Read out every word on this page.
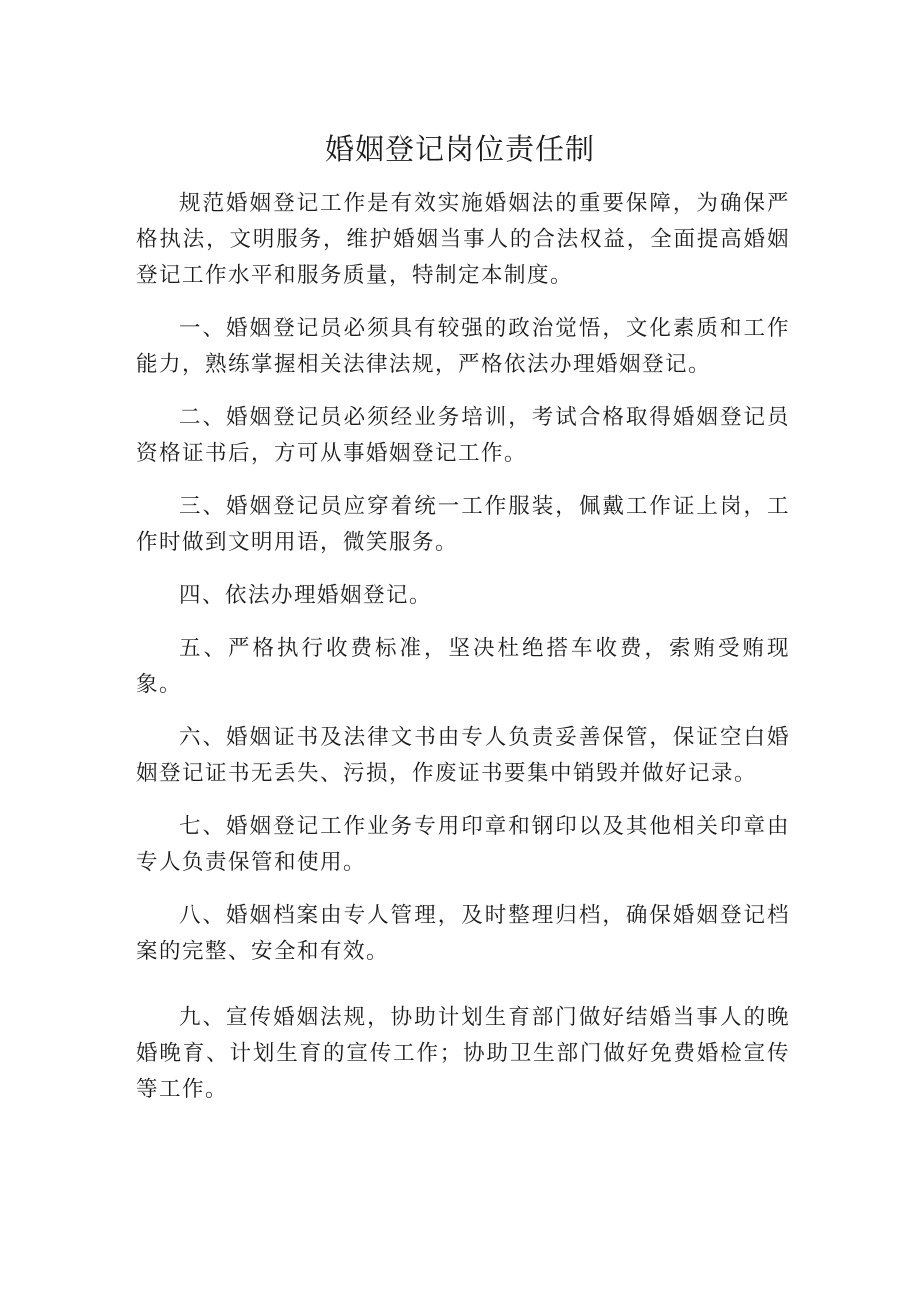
婚姻登记岗位责任制

规范婚姻登记工作是有效实施婚姻法的重要保障，为确保严格执法，文明服务，维护婚姻当事人的合法权益，全面提高婚姻登记工作水平和服务质量，特制定本制度。

一、婚姻登记员必须具有较强的政治觉悟，文化素质和工作能力，熟练掌握相关法律法规，严格依法办理婚姻登记。

二、婚姻登记员必须经业务培训，考试合格取得婚姻登记员资格证书后，方可从事婚姻登记工作。

三、婚姻登记员应穿着统一工作服装，佩戴工作证上岗，工作时做到文明用语，微笑服务。

四、依法办理婚姻登记。

五、严格执行收费标准，坚决杜绝搭车收费，索贿受贿现象。

六、婚姻证书及法律文书由专人负责妥善保管，保证空白婚姻登记证书无丢失、污损，作废证书要集中销毁并做好记录。

七、婚姻登记工作业务专用印章和钢印以及其他相关印章由专人负责保管和使用。

八、婚姻档案由专人管理，及时整理归档，确保婚姻登记档案的完整、安全和有效。

九、宣传婚姻法规，协助计划生育部门做好结婚当事人的晚婚晚育、计划生育的宣传工作；协助卫生部门做好免费婚检宣传等工作。
